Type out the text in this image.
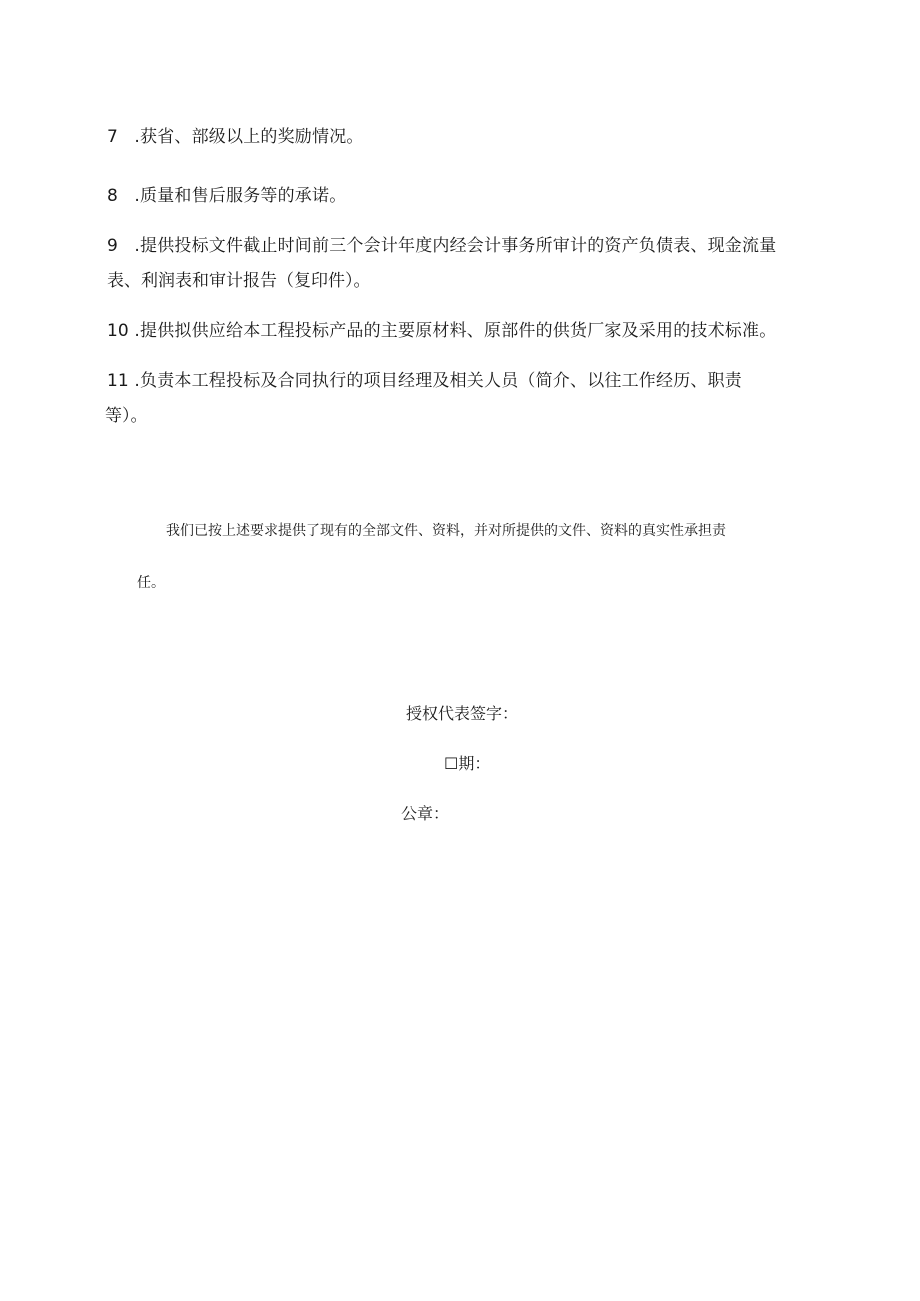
7 .获省、部级以上的奖励情况。
8 .质量和售后服务等的承诺。
9 .提供投标文件截止时间前三个会计年度内经会计事务所审计的资产负债表、现金流量
表、利润表和审计报告（复印件）。
10 .提供拟供应给本工程投标产品的主要原材料、原部件的供货厂家及采用的技术标准。
11 .负责本工程投标及合同执行的项目经理及相关人员（简介、以往工作经历、职责
等）。
我们已按上述要求提供了现有的全部文件、资料，并对所提供的文件、资料的真实性承担责
任。
授权代表签字：
☐期：
公章：
